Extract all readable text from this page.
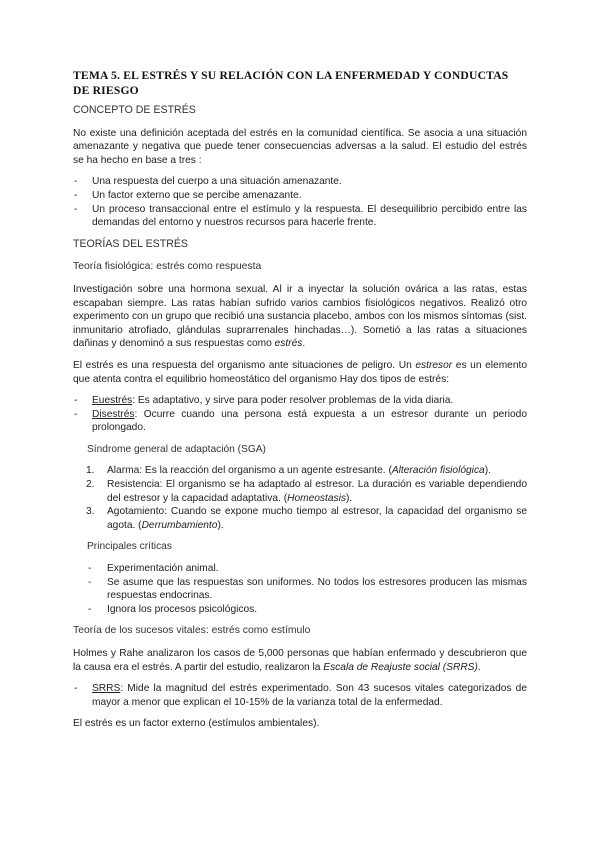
TEMA 5. EL ESTRÉS Y SU RELACIÓN CON LA ENFERMEDAD Y CONDUCTAS DE RIESGO
CONCEPTO DE ESTRÉS

No existe una definición aceptada del estrés en la comunidad científica. Se asocia a una situación amenazante y negativa que puede tener consecuencias adversas a la salud. El estudio del estrés se ha hecho en base a tres :

- Una respuesta del cuerpo a una situación amenazante.
- Un factor externo que se percibe amenazante.
- Un proceso transaccional entre el estímulo y la respuesta. El desequilibrio percibido entre las demandas del entorno y nuestros recursos para hacerle frente.
TEORÍAS DEL ESTRÉS
Teoría fisiológica: estrés como respuesta

Investigación sobre una hormona sexual. Al ir a inyectar la solución ovárica a las ratas, estas escapaban siempre. Las ratas habían sufrido varios cambios fisiológicos negativos. Realizó otro experimento con un grupo que recibió una sustancia placebo, ambos con los mismos síntomas (sist. inmunitario atrofiado, glándulas suprarrenales hinchadas…). Sometió a las ratas a situaciones dañinas y denominó a sus respuestas como estrés.

El estrés es una respuesta del organismo ante situaciones de peligro. Un estresor es un elemento que atenta contra el equilibrio homeostático del organismo Hay dos tipos de estrés:

- Euestrés: Es adaptativo, y sirve para poder resolver problemas de la vida diaria.
- Disestrés: Ocurre cuando una persona está expuesta a un estresor durante un periodo prolongado.
Síndrome general de adaptación (SGA)
1. Alarma: Es la reacción del organismo a un agente estresante. (Alteración fisiológica).
2. Resistencia: El organismo se ha adaptado al estresor. La duración es variable dependiendo del estresor y la capacidad adaptativa. (Homeostasis).
3. Agotamiento: Cuando se expone mucho tiempo al estresor, la capacidad del organismo se agota. (Derrumbamiento).
Principales críticas
- Experimentación animal.
- Se asume que las respuestas son uniformes. No todos los estresores producen las mismas respuestas endocrinas.
- Ignora los procesos psicológicos.
Teoría de los sucesos vitales: estrés como estímulo

Holmes y Rahe analizaron los casos de 5,000 personas que habían enfermado y descubrieron que la causa era el estrés. A partir del estudio, realizaron la Escala de Reajuste social (SRRS).

- SRRS: Mide la magnitud del estrés experimentado. Son 43 sucesos vitales categorizados de mayor a menor que explican el 10-15% de la varianza total de la enfermedad.

El estrés es un factor externo (estímulos ambientales).
